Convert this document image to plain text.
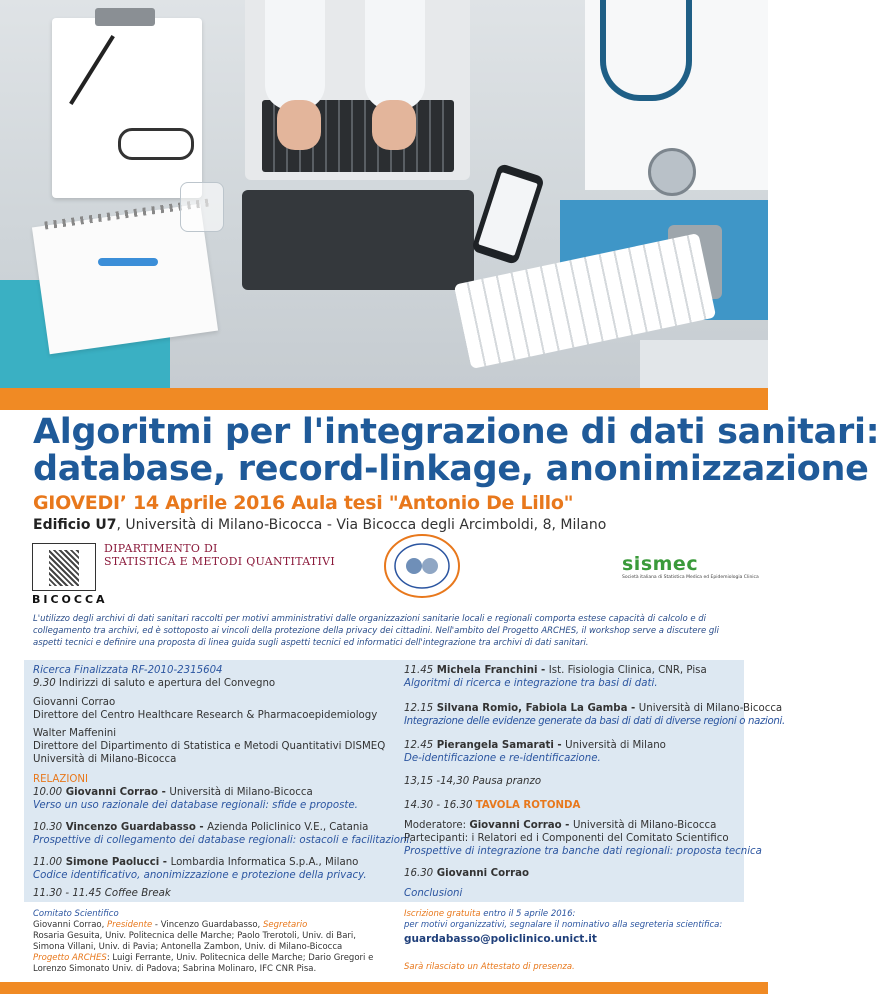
Algoritmi per l'integrazione di dati sanitari:
database, record-linkage, anonimizzazione
GIOVEDI’ 14 Aprile 2016 Aula tesi "Antonio De Lillo"
Edificio U7, Università di Milano-Bicocca - Via Bicocca degli Arcimboldi, 8, Milano
BICOCCA
DIPARTIMENTO DI
STATISTICA E METODI QUANTITATIVI	sismec
Società italiana di Statistica Medica ed Epidemiologia Clinica
L'utilizzo degli archivi di dati sanitari raccolti per motivi amministrativi dalle organizzazioni sanitarie locali e regionali comporta estese capacità di calcolo e di collegamento tra archivi, ed è sottoposto ai vincoli della protezione della privacy dei cittadini. Nell'ambito del Progetto ARCHES, il workshop serve a discutere gli aspetti tecnici e definire una proposta di linea guida sugli aspetti tecnici ed informatici dell'integrazione tra archivi di dati sanitari.
Ricerca Finalizzata RF-2010-2315604
9.30 Indirizzi di saluto e apertura del Convegno
Giovanni Corrao
Direttore del Centro Healthcare Research & Pharmacoepidemiology
Walter Maffenini
Direttore del Dipartimento di Statistica e Metodi Quantitativi DISMEQ
Università di Milano-Bicocca
RELAZIONI
10.00 Giovanni Corrao - Università di Milano-Bicocca
Verso un uso razionale dei database regionali: sfide e proposte.
10.30 Vincenzo Guardabasso - Azienda Policlinico V.E., Catania
Prospettive di collegamento dei database regionali: ostacoli e facilitazioni.
11.00 Simone Paolucci - Lombardia Informatica S.p.A., Milano
Codice identificativo, anonimizzazione e protezione della privacy.
11.30 - 11.45 Coffee Break
11.45 Michela Franchini - Ist. Fisiologia Clinica, CNR, Pisa
Algoritmi di ricerca e integrazione tra basi di dati.
12.15 Silvana Romio, Fabiola La Gamba - Università di Milano-Bicocca
Integrazione delle evidenze generate da basi di dati di diverse regioni o nazioni.
12.45 Pierangela Samarati - Università di Milano
De-identificazione e re-identificazione.
13,15 -14,30 Pausa pranzo
14.30 - 16.30 TAVOLA ROTONDA
Moderatore: Giovanni Corrao - Università di Milano-Bicocca
Partecipanti: i Relatori ed i Componenti del Comitato Scientifico
Prospettive di integrazione tra banche dati regionali: proposta tecnica
16.30 Giovanni Corrao
Conclusioni
Comitato Scientifico
Giovanni Corrao, Presidente - Vincenzo Guardabasso, Segretario
Rosaria Gesuita, Univ. Politecnica delle Marche; Paolo Trerotoli, Univ. di Bari,
Simona Villani, Univ. di Pavia; Antonella Zambon, Univ. di Milano-Bicocca
Progetto ARCHES: Luigi Ferrante, Univ. Politecnica delle Marche; Dario Gregori e
Lorenzo Simonato Univ. di Padova; Sabrina Molinaro, IFC CNR Pisa.
Iscrizione gratuita entro il 5 aprile 2016:
per motivi organizzativi, segnalare il nominativo alla segreteria scientifica:
guardabasso@policlinico.unict.it
Sarà rilasciato un Attestato di presenza.
